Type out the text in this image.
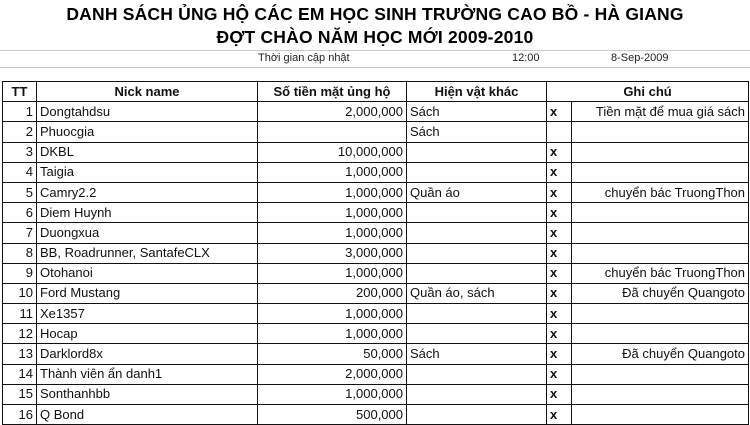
DANH SÁCH ỦNG HỘ CÁC EM HỌC SINH TRƯỜNG CAO BỒ - HÀ GIANG
ĐỢT CHÀO NĂM HỌC MỚI 2009-2010
Thời gian cập nhật	12:00	8-Sep-2009
TT	Nick name	Số tiền mặt ủng hộ	Hiện vật khác	Ghi chú	
1	Dongtahdsu	2,000,000	Sách	x	Tiền mặt để mua giá sách
2	Phuocgia		Sách		
3	DKBL	10,000,000		x	
4	Taigia	1,000,000		x	
5	Camry2.2	1,000,000	Quần áo	x	chuyển bác TruongThon
6	Diem Huynh	1,000,000		x	
7	Duongxua	1,000,000		x	
8	BB, Roadrunner, SantafeCLX	3,000,000		x	
9	Otohanoi	1,000,000		x	chuyển bác TruongThon
10	Ford Mustang	200,000	Quần áo, sách	x	Đã chuyển Quangoto
11	Xe1357	1,000,000		x	
12	Hocap	1,000,000		x	
13	Darklord8x	50,000	Sách	x	Đã chuyển Quangoto
14	Thành viên ẩn danh1	2,000,000		x	
15	Sonthanhbb	1,000,000		x	
16	Q Bond	500,000		x	
